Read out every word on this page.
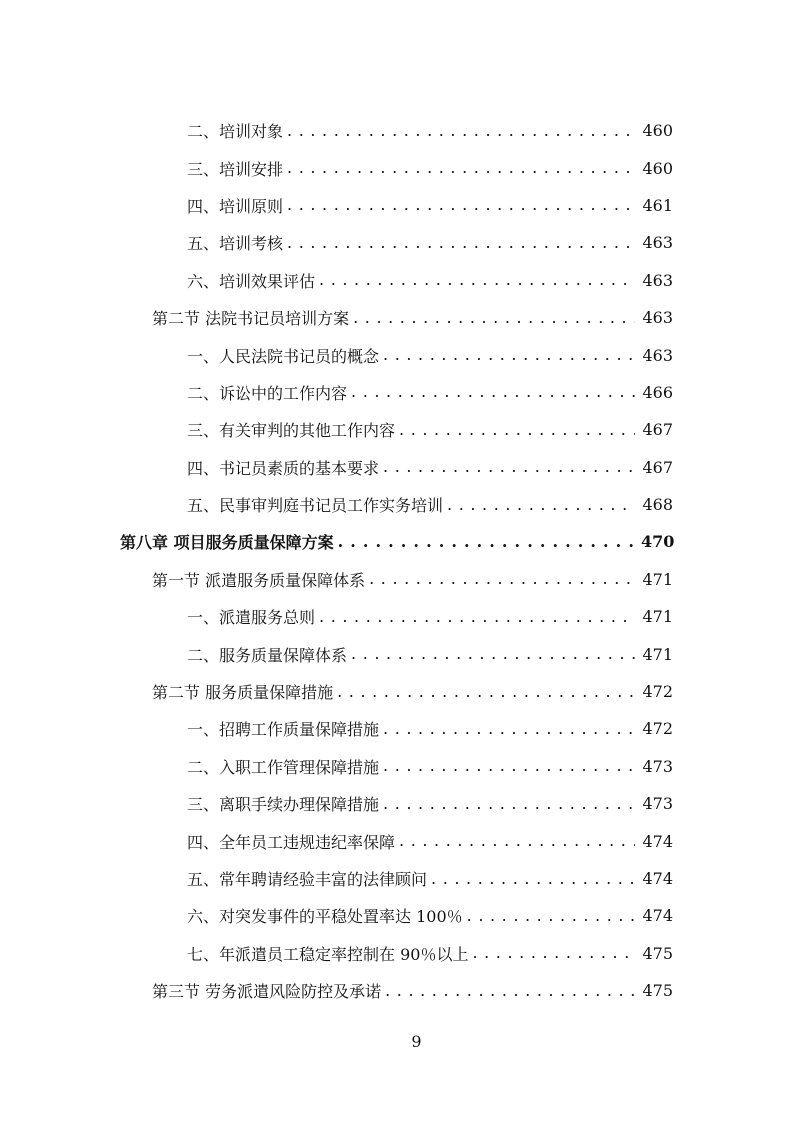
二、培训对象 . . .	460
三、培训安排 . . .	460
四、培训原则 . . .	461
五、培训考核 . . .	463
六、培训效果评估 . . .	463
第二节 法院书记员培训方案 . . .	463
一、人民法院书记员的概念 . . .	463
二、诉讼中的工作内容 . . .	466
三、有关审判的其他工作内容 . . .	467
四、书记员素质的基本要求 . . .	467
五、民事审判庭书记员工作实务培训 . . .	468
第八章 项目服务质量保障方案 . . .	470
第一节 派遣服务质量保障体系 . . .	471
一、派遣服务总则 . . .	471
二、服务质量保障体系 . . .	471
第二节 服务质量保障措施 . . .	472
一、招聘工作质量保障措施 . . .	472
二、入职工作管理保障措施 . . .	473
三、离职手续办理保障措施 . . .	473
四、全年员工违规违纪率保障 . . .	474
五、常年聘请经验丰富的法律顾问 . . .	474
六、对突发事件的平稳处置率达 100％ . . .	474
七、年派遣员工稳定率控制在 90％以上 . . .	475
第三节 劳务派遣风险防控及承诺 . . .	475
9
